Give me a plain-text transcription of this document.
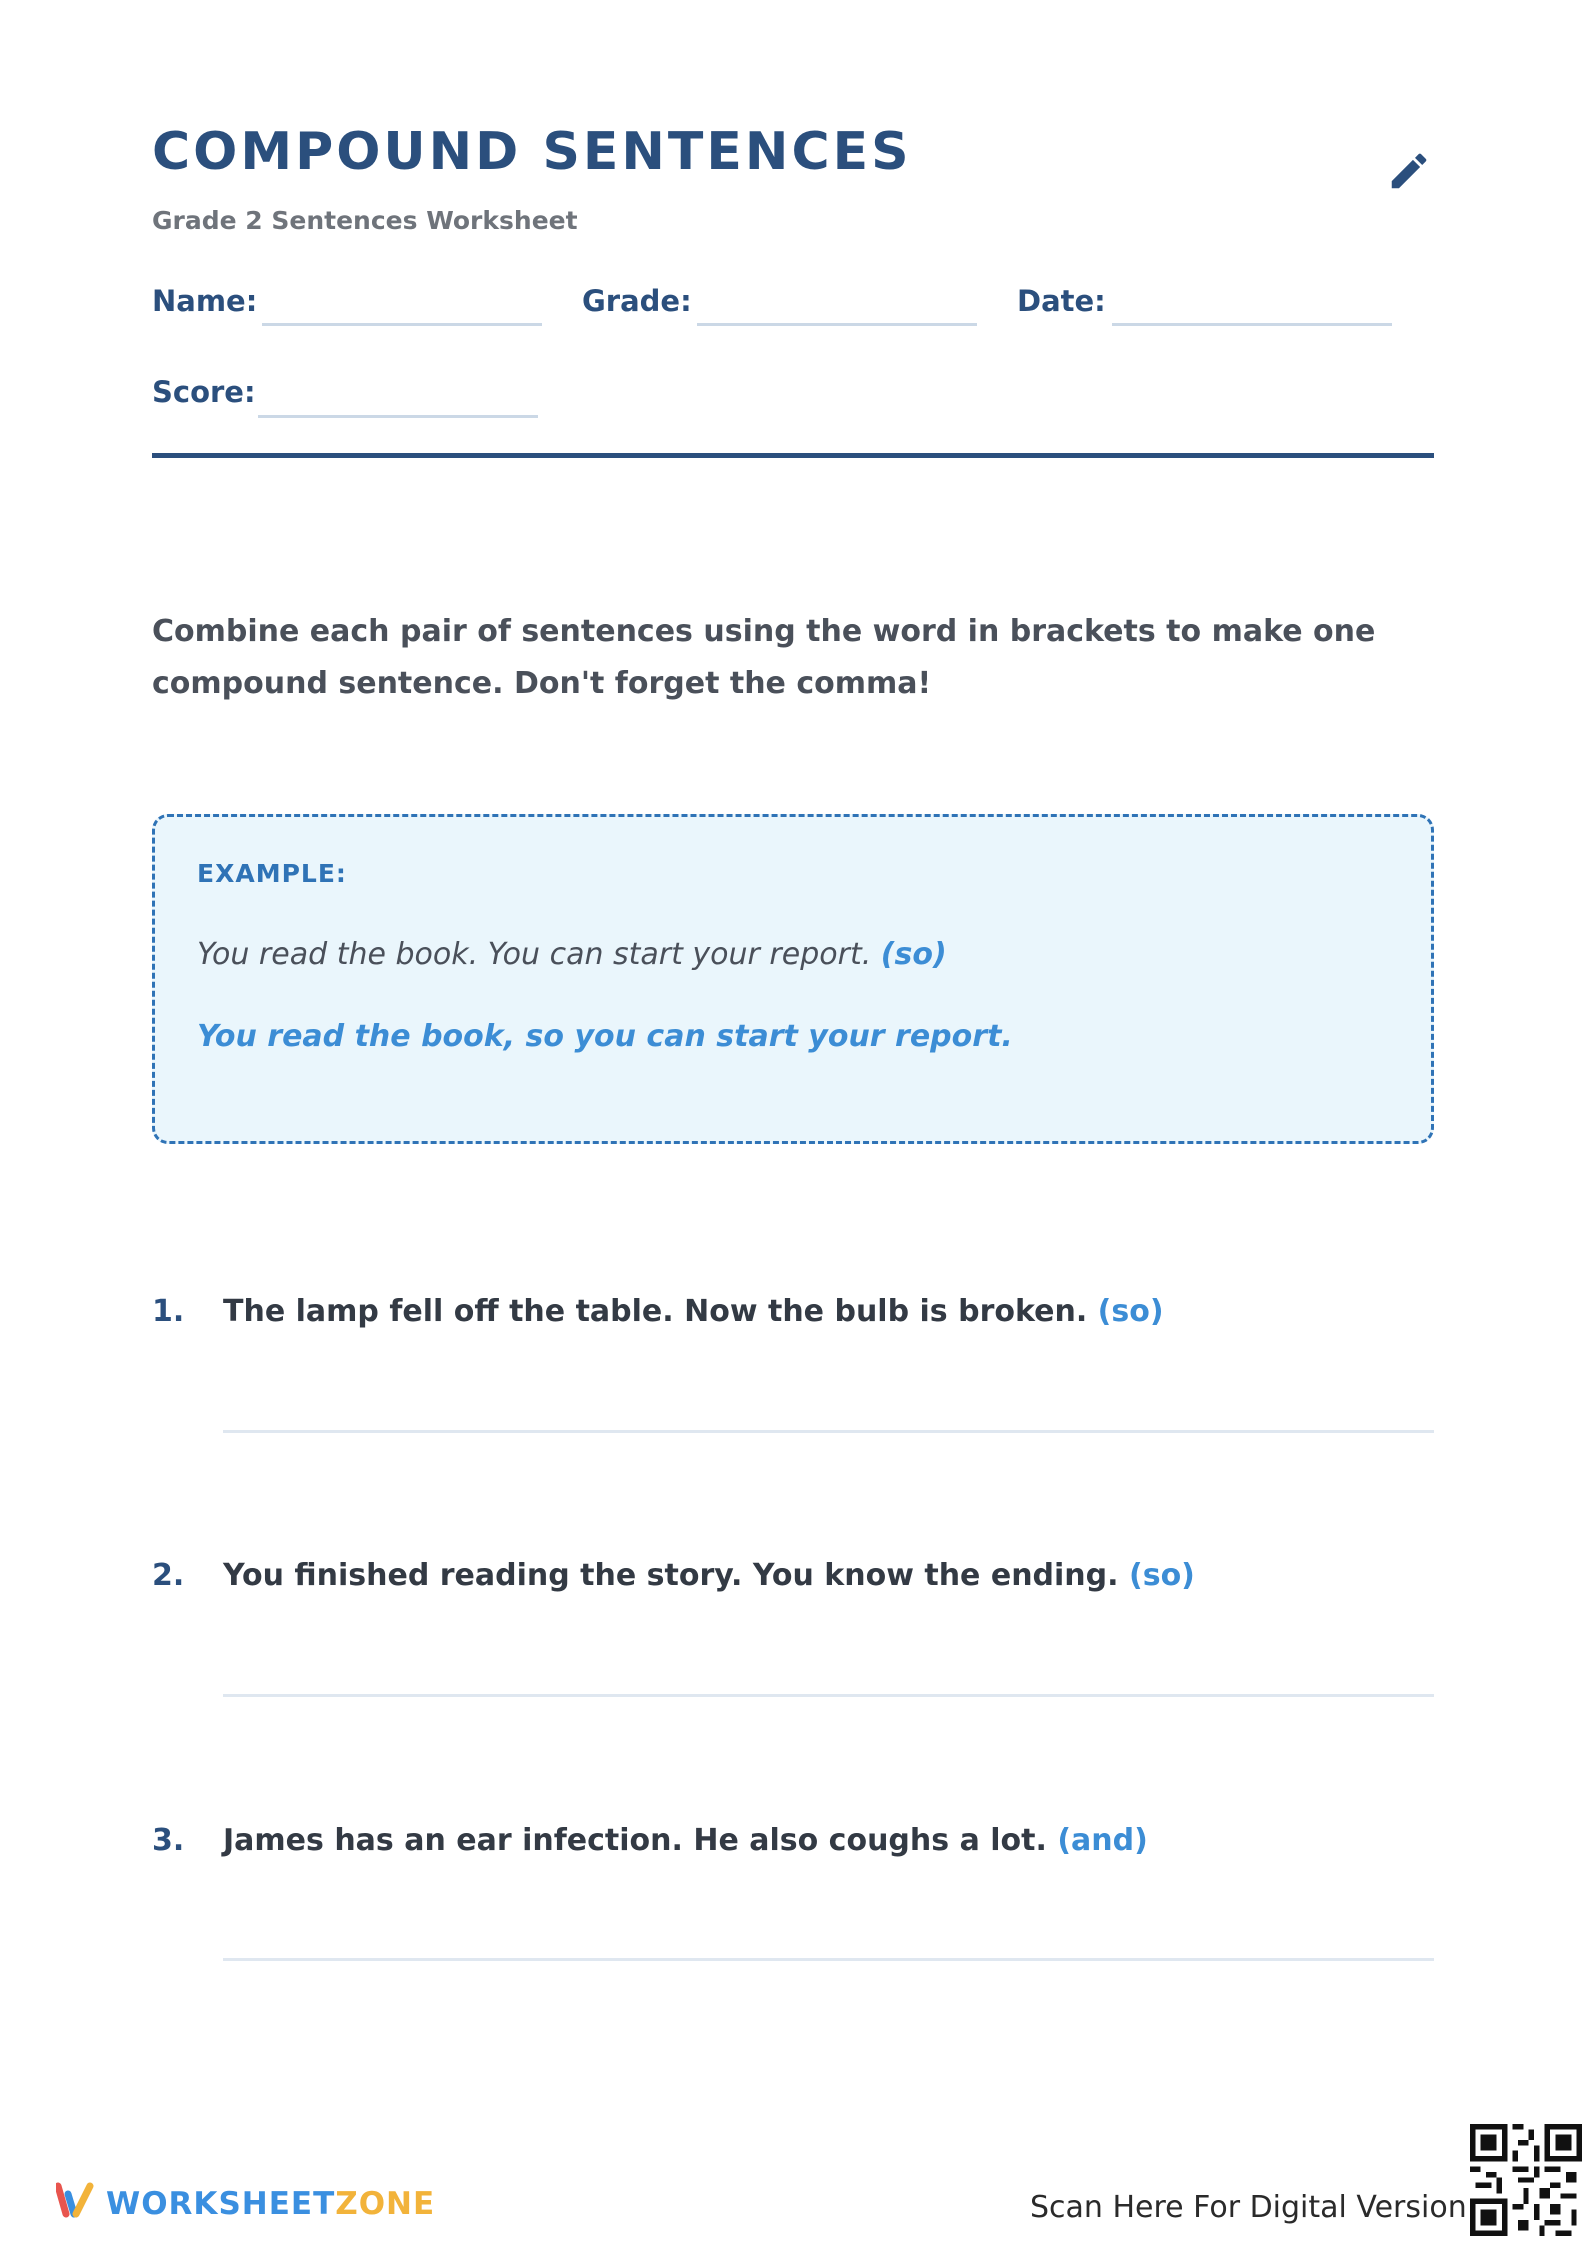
COMPOUND SENTENCES
Grade 2 Sentences Worksheet
Name:	Grade:	Date:
Score:

Combine each pair of sentences using the word in brackets to make one compound sentence. Don't forget the comma!

EXAMPLE:
You read the book. You can start your report. (so)
You read the book, so you can start your report.
1. The lamp fell off the table. Now the bulb is broken. (so)
2. You finished reading the story. You know the ending. (so)
3. James has an ear infection. He also coughs a lot. (and)
WORKSHEETZONE	Scan Here For Digital Version
